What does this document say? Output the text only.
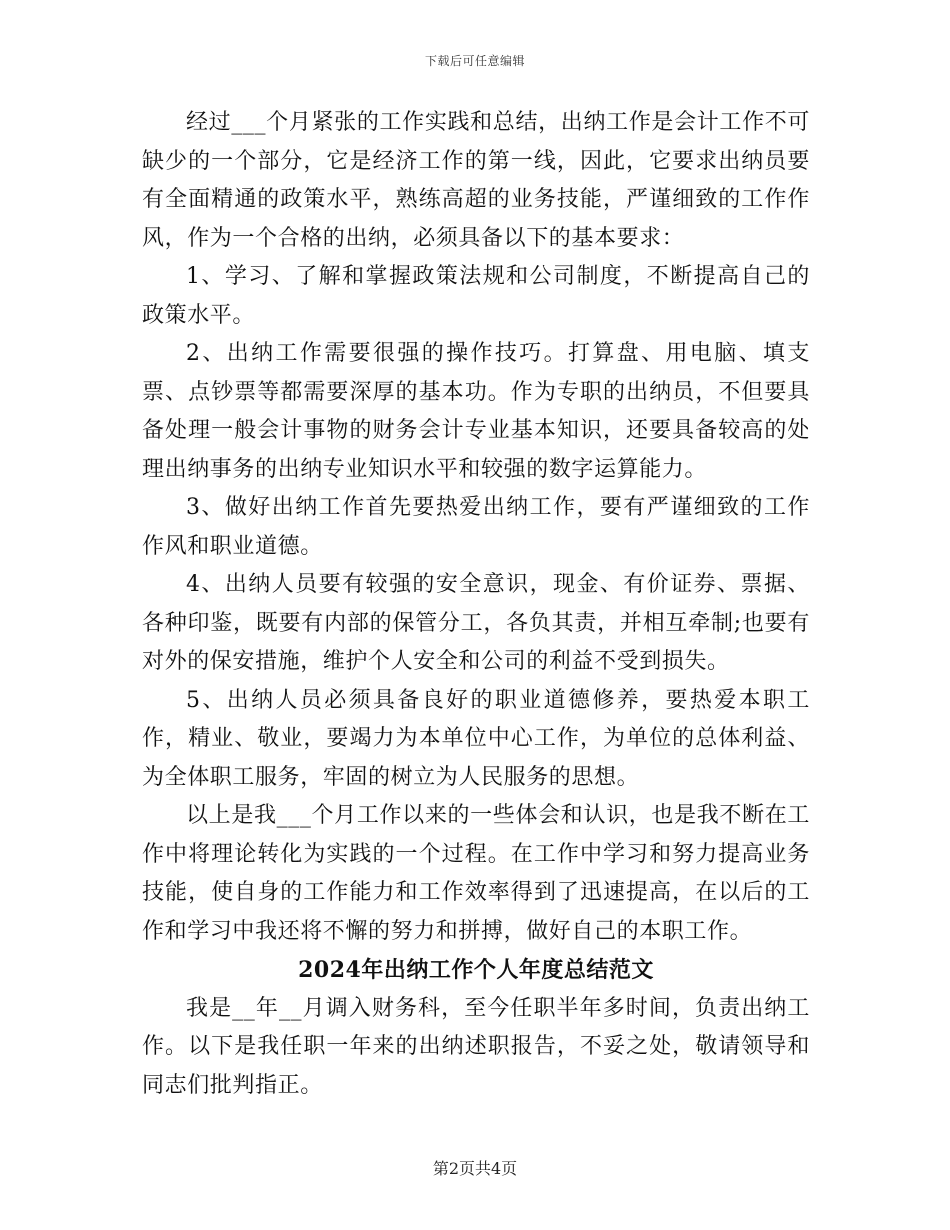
下载后可任意编辑

经过___个月紧张的工作实践和总结，出纳工作是会计工作不可缺少的一个部分，它是经济工作的第一线，因此，它要求出纳员要有全面精通的政策水平，熟练高超的业务技能，严谨细致的工作作风，作为一个合格的出纳，必须具备以下的基本要求：

1、学习、了解和掌握政策法规和公司制度，不断提高自己的政策水平。

2、出纳工作需要很强的操作技巧。打算盘、用电脑、填支票、点钞票等都需要深厚的基本功。作为专职的出纳员，不但要具备处理一般会计事物的财务会计专业基本知识，还要具备较高的处理出纳事务的出纳专业知识水平和较强的数字运算能力。

3、做好出纳工作首先要热爱出纳工作，要有严谨细致的工作作风和职业道德。

4、出纳人员要有较强的安全意识，现金、有价证券、票据、各种印鉴，既要有内部的保管分工，各负其责，并相互牵制;也要有对外的保安措施，维护个人安全和公司的利益不受到损失。

5、出纳人员必须具备良好的职业道德修养，要热爱本职工作，精业、敬业，要竭力为本单位中心工作，为单位的总体利益、为全体职工服务，牢固的树立为人民服务的思想。

以上是我___个月工作以来的一些体会和认识，也是我不断在工作中将理论转化为实践的一个过程。在工作中学习和努力提高业务技能，使自身的工作能力和工作效率得到了迅速提高，在以后的工作和学习中我还将不懈的努力和拼搏，做好自己的本职工作。

2024年出纳工作个人年度总结范文

我是__年__月调入财务科，至今任职半年多时间，负责出纳工作。以下是我任职一年来的出纳述职报告，不妥之处，敬请领导和同志们批判指正。

第2页共4页
